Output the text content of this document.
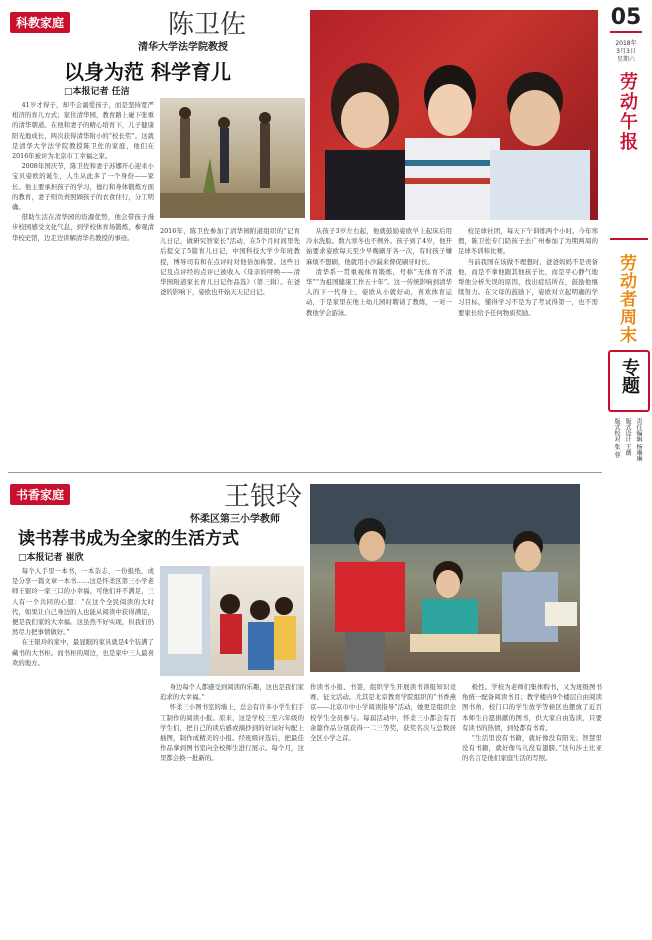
科教家庭	陈卫佐
清华大学法学院教授
以身为范 科学育儿
□本报记者 任洁
41岁才得子，却不会溺爱孩子，而是坚持宽严相济的育儿方式；家住清华园，教育路上碰下张重的清华朝道。在他和妻子的精心培育下，儿子健康阳光地成长，两次获得清华附小的“校长奖”。这就是清华大学法学院教授陈卫佐的家庭，他们在2016年被评为北京市工幸福之家。
2008年国庆节，陈卫佐和妻子苏娜开心迎来小宝贝姿欧的诞生，人生从此多了一个身份——家长。他主要承担孩子的学习，德行和身体锻炼方面的教育，妻子则负责照顾孩子的衣食住行，分工明确。
借助生活在清华园的资源优势，他会带孩子漫步校园感受文化气息，到学校体育场锻炼，参观清华校史馆，边走边讲解清华名教授的事迹。
2016年，陈卫佐参加了清华园附道组织的“记育儿日记，做研究智家长”活动，在5个月时间里先后提交了5篇育儿日记，中国科技大学少年班教授，博导司有和在点评时对他倍加称赞。这些日记及点评经的点评已被收入《母亲的呼唤——清华园附道家长育儿日记作品选》（第三辑）。在爸爸的影响下，姿欧也开始天天记日记。
从孩子3岁左右起，他就鼓励姿欧早上起床后用冷水洗脸。数九寒冬也不例外。孩子到了4岁，他开始要求姿欧每天至少早晚刷牙各一次，有时孩子嫌麻烦不想刷，他就用小沙漏来督促刷牙时长。
清华系一贯重视体育锻炼，号称“无体育不清华”“为祖国健康工作五十年”。这一传统影响到清华人的下一代身上，姿欧从小就好动，喜欢体育运动，于是家里在他上幼儿园时聘请了教练，一对一教他学会游泳。
校足球社团，每天下午训练两个小时。今年寒假，陈卫佐专门陪孩子去广州参加了为期两周的足球冬训和比赛。
当前我国在该做不理想时，爸爸妈妈不是责备他，而是不拿他跟其他孩子比，而是平心静气地帮他分析失误的原因，找出症结所在，鼓励他继续努力。在父母的鼓励下，姿欧对立起明确的学习目标，懂得学习不是为了考试得第一，也不需要家长给予任何物质奖励。
05
2018年
3月3日
星期六
劳动午报
劳动者周末
专题
责任编辑 杨琳琳
版式设计 王薇
版式校对 张 蓉
书香家庭	王银玲
怀柔区第三小学教师
读书荐书成为全家的生活方式
□本报记者 崔欣
每个人手里一本书，一本杂志、一份报纸，或是分享一篇文章一本书……这是怀柔区第三小学老师王银玲一家三口的小幸福。可他们并不满足，三人有一个共同的心愿：“在这个全民阅读的大时代，如果让自己身边的人也能从阅读中获得满足，便是我们家的大幸福。这虽然不好实现，但我们仍然尽力把事情做好。”
在王银玲的家中，最显眼的家具就是4个装满了藏书的大书柜。而书柜的周边，也是家中三人最喜欢的地方。
身边每个人都感受到阅读的乐趣，这也是我们家追求的大幸福。”
怀柔三小图书室的墙上，总会有许多小学生们手工制作的阅读小报。原来，这是学校三至六年级的学生们，把自己的读后感或摘抄到的好词好句配上插图，制作成精美的小报。经班级评选后，把最佳作品拿到图书室向全校师生进行展示。每个月，这里都会换一批新的。
作读书小报、书签，组织学生开展读书读报知识竞赛、征文活动。尤其是北京教育学院组织的“书香燕京——北京市中小学阅读指导”活动，她更是组织全校学生全员参与。每届活动中，怀柔三小都会有百余篇作品分别获得一二三等奖，获奖名次与总数居全区小学之首。
极性。学校为老师们集体购书，又为班级图书角统一配备阅读书目；教学楼内9个楼层自由阅读图书角，校门口的学生放学等候区也摆放了近百本师生自愿捐献的图书，供大家自由选读，只要有读书的热情，到处都有书看。
“生活里没有书籍，就好像没有阳光；智慧里没有书籍，就好像鸟儿没有翅膀。”这句莎士比亚的名言是他们家庭生活的写照。
